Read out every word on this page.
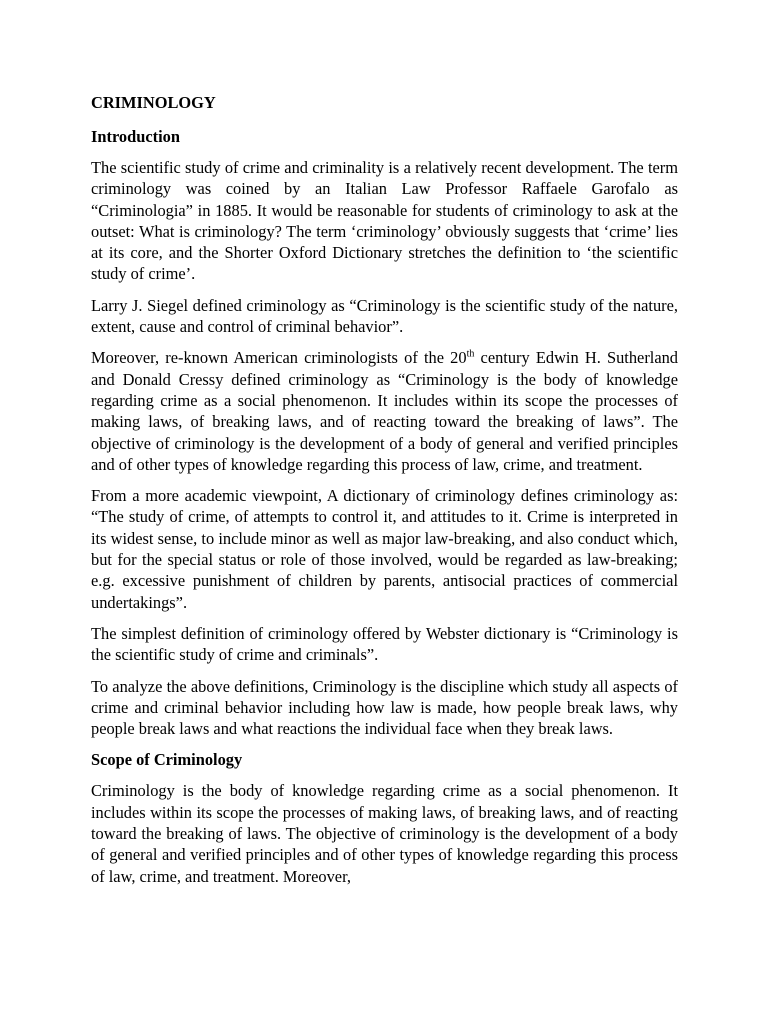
CRIMINOLOGY
Introduction

The scientific study of crime and criminality is a relatively recent development. The term criminology was coined by an Italian Law Professor Raffaele Garofalo as “Criminologia” in 1885. It would be reasonable for students of criminology to ask at the outset: What is criminology? The term ‘criminology’ obviously suggests that ‘crime’ lies at its core, and the Shorter Oxford Dictionary stretches the definition to ‘the scientific study of crime’.

Larry J. Siegel defined criminology as “Criminology is the scientific study of the nature, extent, cause and control of criminal behavior”.

Moreover, re-known American criminologists of the 20th century Edwin H. Sutherland and Donald Cressy defined criminology as “Criminology is the body of knowledge regarding crime as a social phenomenon. It includes within its scope the processes of making laws, of breaking laws, and of reacting toward the breaking of laws”. The objective of criminology is the development of a body of general and verified principles and of other types of knowledge regarding this process of law, crime, and treatment.

From a more academic viewpoint, A dictionary of criminology defines criminology as: “The study of crime, of attempts to control it, and attitudes to it. Crime is interpreted in its widest sense, to include minor as well as major law-breaking, and also conduct which, but for the special status or role of those involved, would be regarded as law-breaking; e.g. excessive punishment of children by parents, antisocial practices of commercial undertakings”.

The simplest definition of criminology offered by Webster dictionary is “Criminology is the scientific study of crime and criminals”.

To analyze the above definitions, Criminology is the discipline which study all aspects of crime and criminal behavior including how law is made, how people break laws, why people break laws and what reactions the individual face when they break laws.

Scope of Criminology

Criminology is the body of knowledge regarding crime as a social phenomenon. It includes within its scope the processes of making laws, of breaking laws, and of reacting toward the breaking of laws. The objective of criminology is the development of a body of general and verified principles and of other types of knowledge regarding this process of law, crime, and treatment. Moreover,
